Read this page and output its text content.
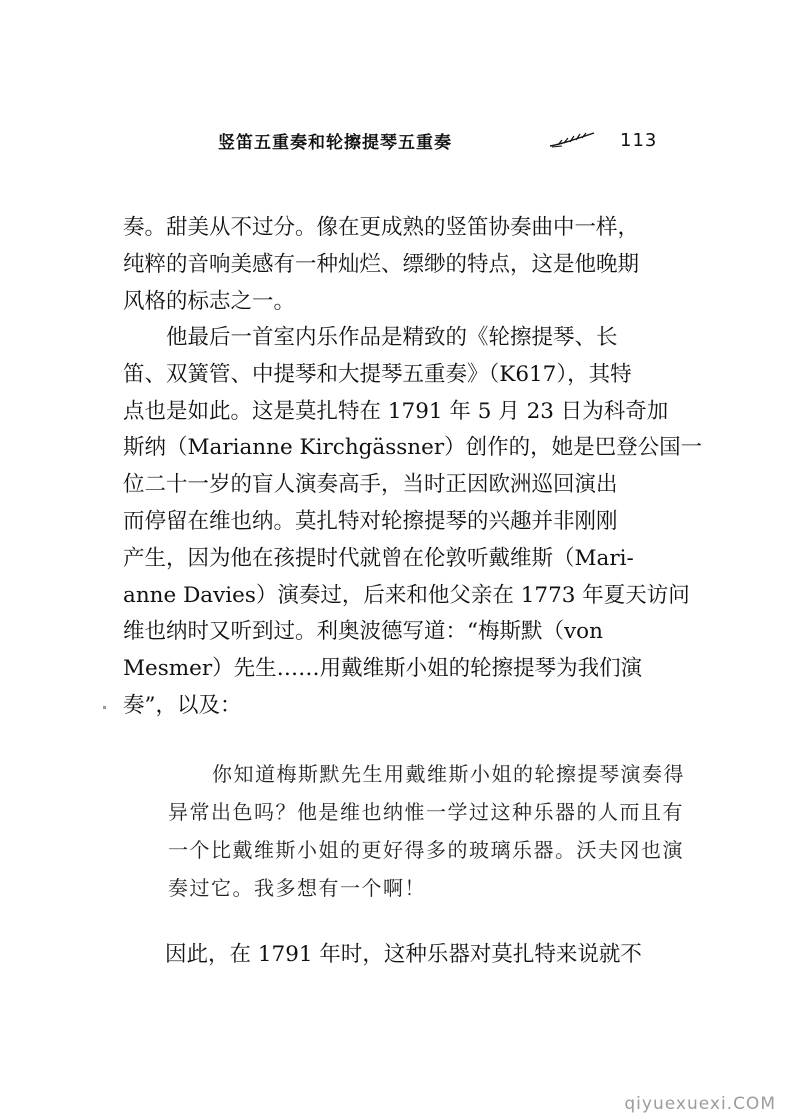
竖笛五重奏和轮擦提琴五重奏	113

奏。甜美从不过分。像在更成熟的竖笛协奏曲中一样，
纯粹的音响美感有一种灿烂、缥缈的特点，这是他晚期
风格的标志之一。

他最后一首室内乐作品是精致的《轮擦提琴、长
笛、双簧管、中提琴和大提琴五重奏》（K617），其特
点也是如此。这是莫扎特在 1791 年 5 月 23 日为科奇加
斯纳（Marianne Kirchgässner）创作的，她是巴登公国一
位二十一岁的盲人演奏高手，当时正因欧洲巡回演出
而停留在维也纳。莫扎特对轮擦提琴的兴趣并非刚刚
产生，因为他在孩提时代就曾在伦敦听戴维斯（Mari-
anne Davies）演奏过，后来和他父亲在 1773 年夏天访问
维也纳时又听到过。利奥波德写道：“梅斯默（von
Mesmer）先生……用戴维斯小姐的轮擦提琴为我们演
奏”，以及：

你知道梅斯默先生用戴维斯小姐的轮擦提琴演奏得异常出色吗？他是维也纳惟一学过这种乐器的人而且有一个比戴维斯小姐的更好得多的玻璃乐器。沃夫冈也演奏过它。我多想有一个啊！

因此，在 1791 年时，这种乐器对莫扎特来说就不

qiyuexuexi.COM
